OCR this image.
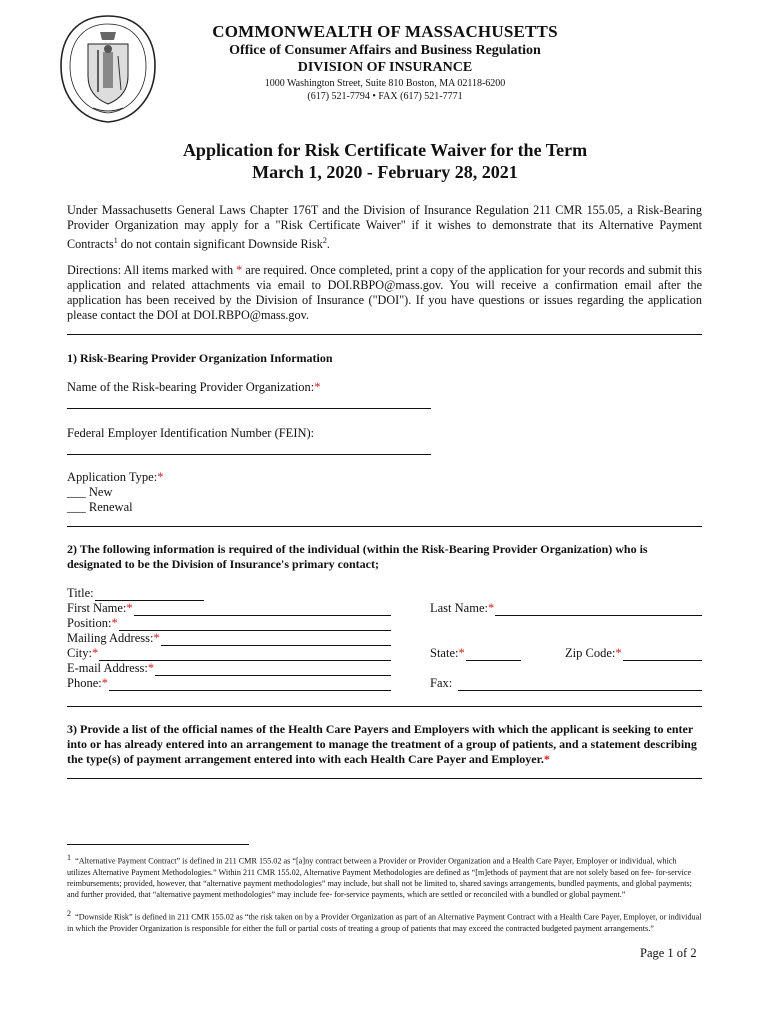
COMMONWEALTH OF MASSACHUSETTS
Office of Consumer Affairs and Business Regulation
DIVISION OF INSURANCE
1000 Washington Street, Suite 810 Boston, MA 02118-6200
(617) 521-7794 • FAX (617) 521-7771
Application for Risk Certificate Waiver for the Term
March 1, 2020 - February 28, 2021
Under Massachusetts General Laws Chapter 176T and the Division of Insurance Regulation 211 CMR 155.05, a Risk-Bearing Provider Organization may apply for a "Risk Certificate Waiver" if it wishes to demonstrate that its Alternative Payment Contracts$^1$ do not contain significant Downside Risk$^2$.
Directions: All items marked with * are required. Once completed, print a copy of the application for your records and submit this application and related attachments via email to DOI.RBPO@mass.gov. You will receive a confirmation email after the application has been received by the Division of Insurance ("DOI"). If you have questions or issues regarding the application please contact the DOI at DOI.RBPO@mass.gov.
1) Risk-Bearing Provider Organization Information
Name of the Risk-bearing Provider Organization:*
Federal Employer Identification Number (FEIN):
Application Type:*
___ New
___ Renewal
2) The following information is required of the individual (within the Risk-Bearing Provider Organization) who is designated to be the Division of Insurance's primary contact;
Title:
First Name: *	Last Name: *
Position: *
Mailing Address: *
City: *	State: *	Zip Code: *
E-mail Address: *
Phone: *	Fax:
3) Provide a list of the official names of the Health Care Payers and Employers with which the applicant is seeking to enter into or has already entered into an arrangement to manage the treatment of a group of patients, and a statement describing the type(s) of payment arrangement entered into with each Health Care Payer and Employer.*
$^1$ “Alternative Payment Contract” is defined in 211 CMR 155.02 as “[a]ny contract between a Provider or Provider Organization and a Health Care Payer, Employer or individual, which utilizes Alternative Payment Methodologies.” Within 211 CMR 155.02, Alternative Payment Methodologies are defined as “[m]ethods of payment that are not solely based on fee- for-service reimbursements; provided, however, that “alternative payment methodologies” may include, but shall not be limited to, shared savings arrangements, bundled payments, and global payments; and further provided, that “alternative payment methodologies” may include fee- for-service payments, which are settled or reconciled with a bundled or global payment.”
$^2$ “Downside Risk” is defined in 211 CMR 155.02 as “the risk taken on by a Provider Organization as part of an Alternative Payment Contract with a Health Care Payer, Employer, or individual in which the Provider Organization is responsible for either the full or partial costs of treating a group of patients that may exceed the contracted budgeted payment arrangements.”
Page 1 of 2
